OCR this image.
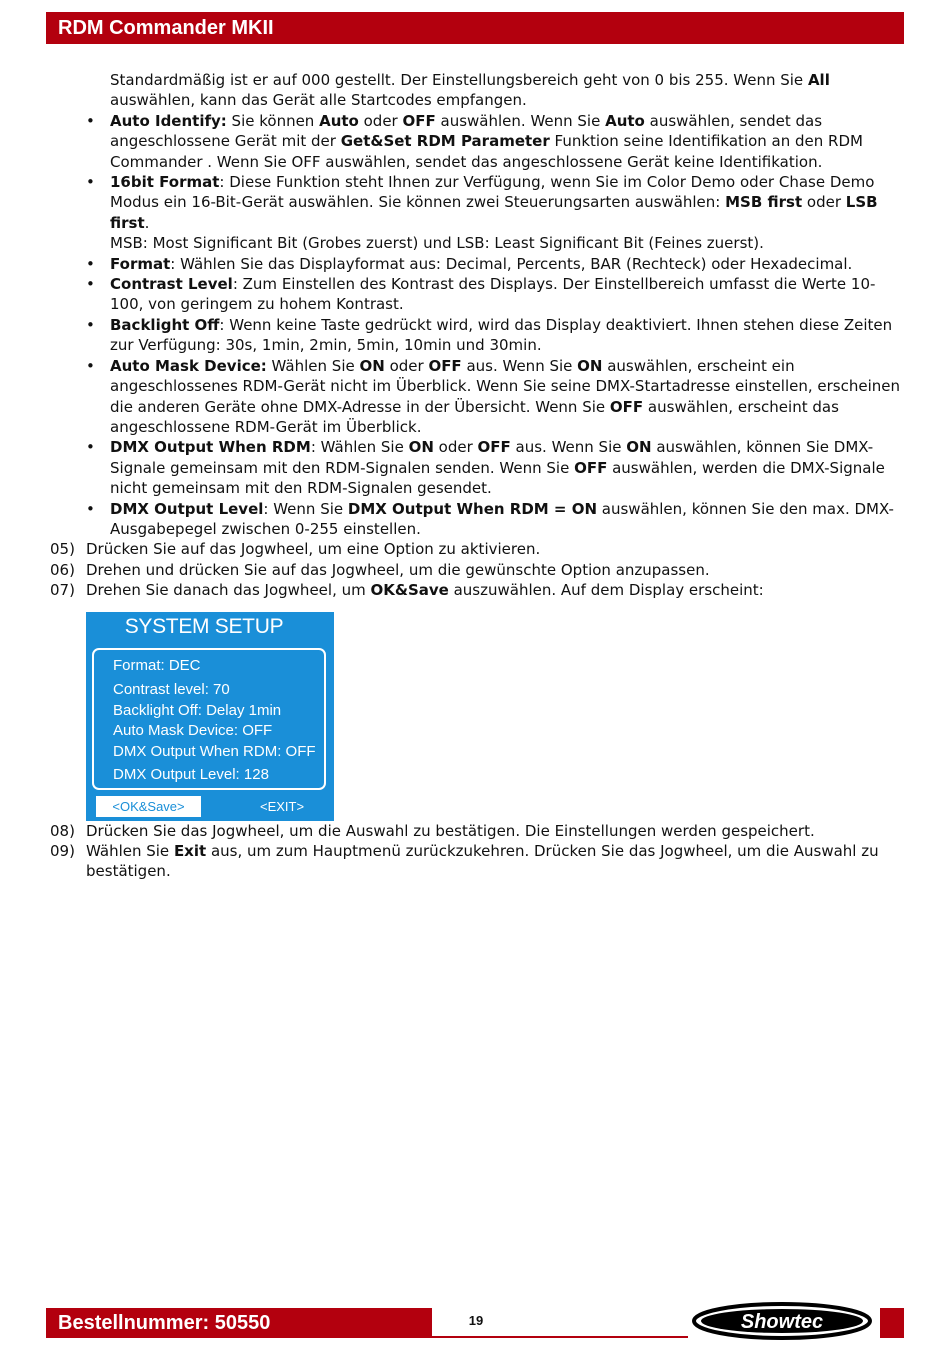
RDM Commander MKII
Standardmäßig ist er auf 000 gestellt. Der Einstellungsbereich geht von 0 bis 255. Wenn Sie All auswählen, kann das Gerät alle Startcodes empfangen.
• Auto Identify: Sie können Auto oder OFF auswählen. Wenn Sie Auto auswählen, sendet das angeschlossene Gerät mit der Get&Set RDM Parameter Funktion seine Identifikation an den RDM Commander . Wenn Sie OFF auswählen, sendet das angeschlossene Gerät keine Identifikation.
• 16bit Format: Diese Funktion steht Ihnen zur Verfügung, wenn Sie im Color Demo oder Chase Demo Modus ein 16-Bit-Gerät auswählen. Sie können zwei Steuerungsarten auswählen: MSB first oder LSB first.
MSB: Most Significant Bit (Grobes zuerst) und LSB: Least Significant Bit (Feines zuerst).
• Format: Wählen Sie das Displayformat aus: Decimal, Percents, BAR (Rechteck) oder Hexadecimal.
• Contrast Level: Zum Einstellen des Kontrast des Displays. Der Einstellbereich umfasst die Werte 10-100, von geringem zu hohem Kontrast.
• Backlight Off: Wenn keine Taste gedrückt wird, wird das Display deaktiviert. Ihnen stehen diese Zeiten zur Verfügung: 30s, 1min, 2min, 5min, 10min und 30min.
• Auto Mask Device: Wählen Sie ON oder OFF aus. Wenn Sie ON auswählen, erscheint ein angeschlossenes RDM-Gerät nicht im Überblick. Wenn Sie seine DMX-Startadresse einstellen, erscheinen die anderen Geräte ohne DMX-Adresse in der Übersicht. Wenn Sie OFF auswählen, erscheint das angeschlossene RDM-Gerät im Überblick.
• DMX Output When RDM: Wählen Sie ON oder OFF aus. Wenn Sie ON auswählen, können Sie DMX-Signale gemeinsam mit den RDM-Signalen senden. Wenn Sie OFF auswählen, werden die DMX-Signale nicht gemeinsam mit den RDM-Signalen gesendet.
• DMX Output Level: Wenn Sie DMX Output When RDM = ON auswählen, können Sie den max. DMX-Ausgabepegel zwischen 0-255 einstellen.
05) Drücken Sie auf das Jogwheel, um eine Option zu aktivieren.
06) Drehen und drücken Sie auf das Jogwheel, um die gewünschte Option anzupassen.
07) Drehen Sie danach das Jogwheel, um OK&Save auszuwählen. Auf dem Display erscheint:
SYSTEM SETUP
Format: DEC
Contrast level: 70
Backlight Off: Delay 1min
Auto Mask Device: OFF
DMX Output When RDM: OFF
DMX Output Level: 128
<OK&Save>	<EXIT>
08) Drücken Sie das Jogwheel, um die Auswahl zu bestätigen. Die Einstellungen werden gespeichert.
09) Wählen Sie Exit aus, um zum Hauptmenü zurückzukehren. Drücken Sie das Jogwheel, um die Auswahl zu bestätigen.
Bestellnummer: 50550	19	Showtec
